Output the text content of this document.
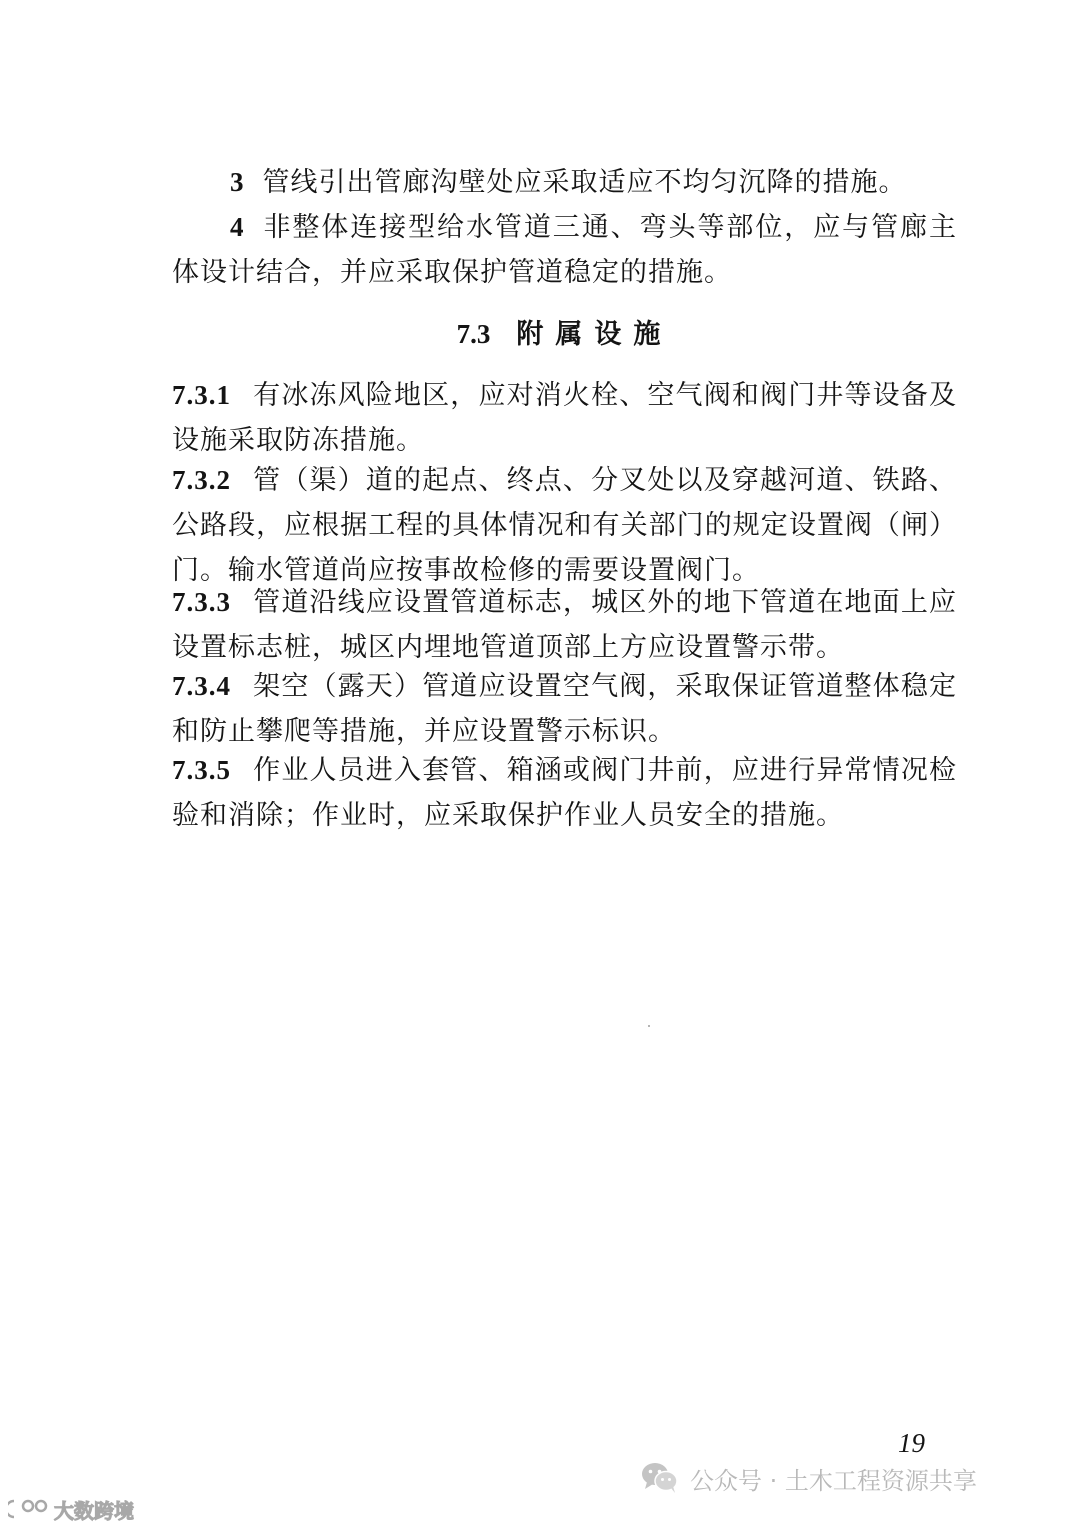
3 管线引出管廊沟壁处应采取适应不均匀沉降的措施。

4 非整体连接型给水管道三通、弯头等部位，应与管廊主体设计结合，并应采取保护管道稳定的措施。

7.3 附属设施

7.3.1 有冰冻风险地区，应对消火栓、空气阀和阀门井等设备及设施采取防冻措施。

7.3.2 管（渠）道的起点、终点、分叉处以及穿越河道、铁路、公路段，应根据工程的具体情况和有关部门的规定设置阀（闸）门。输水管道尚应按事故检修的需要设置阀门。

7.3.3 管道沿线应设置管道标志，城区外的地下管道在地面上应设置标志桩，城区内埋地管道顶部上方应设置警示带。

7.3.4 架空（露天）管道应设置空气阀，采取保证管道整体稳定和防止攀爬等措施，并应设置警示标识。

7.3.5 作业人员进入套管、箱涵或阀门井前，应进行异常情况检验和消除；作业时，应采取保护作业人员安全的措施。

19
公众号 · 土木工程资源共享
大数跨境
